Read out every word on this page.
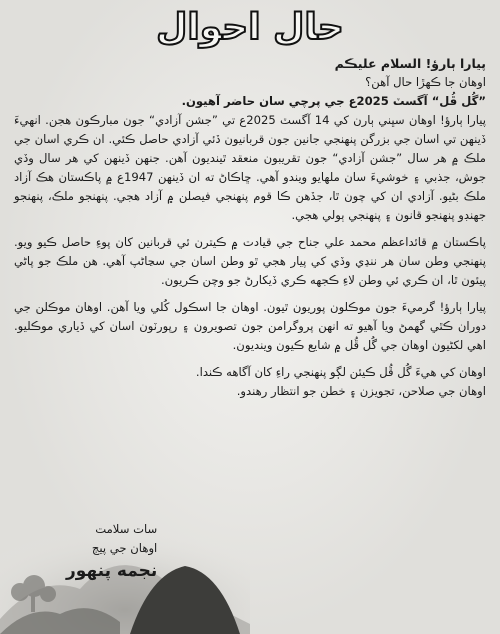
حال احوال

پيارا ٻارؤ! السلام عليڪم

اوهان جا ڪهڙا حال آهن؟

”گُل ڦُل“ آگسٽ 2025ع جي پرچي سان حاضر آهيون.

پيارا ٻارؤ! اوهان سڀني ٻارن کي 14 آگسٽ 2025ع تي ”جشن آزادي“ جون مبارڪون هجن. انهيءَ ڏينهن تي اسان جي بزرگن پنهنجي جانين جون قربانيون ڏئي آزادي حاصل ڪئي. ان ڪري اسان جي ملڪ ۾ هر سال ”جشن آزادي“ جون تقريبون منعقد ٿينديون آهن. جنهن ڏينهن کي هر سال وڏي جوش، جذبي ۽ خوشيءَ سان ملهايو ويندو آهي. ڇاڪاڻ ته ان ڏينهن 1947ع ۾ پاڪستان هڪ آزاد ملڪ بڻيو. آزادي ان کي چون ٿا، جڏهن ڪا قوم پنهنجي فيصلن ۾ آزاد هجي. پنهنجو ملڪ، پنهنجو جهنڊو پنهنجو قانون ۽ پنهنجي ٻولي هجي.

پاڪستان ۾ قائداعظم محمد علي جناح جي قيادت ۾ ڪيترن ئي قربانين کان پوءِ حاصل ڪيو ويو. پنهنجي وطن سان هر ننڍي وڏي کي پيار هجي ٿو وطن اسان جي سڃاڻپ آهي. هن ملڪ جو پاڻي پيئون ٿا، ان ڪري ئي وطن لاءِ ڪجهه ڪري ڏيکارڻ جو وچن ڪريون.

پيارا ٻارؤ! گرميءَ جون موڪلون پوريون ٿيون. اوهان جا اسڪول کُلي ويا آهن. اوهان موڪلن جي دوران ڪٿي گهمڻ ويا آهيو ته انهن پروگرامن جون تصويرون ۽ رپورٽون اسان کي ڏياري موڪليو. اهي لکڻيون اوهان جي گُل ڦُل ۾ شايع ڪيون وينديون.

اوهان کي هيءَ گُل ڦُل ڪيئن لڳو پنهنجي راءِ کان آگاهه ڪندا.

اوهان جي صلاحن، تجويزن ۽ خطن جو انتظار رهندو.

سات سلامت
اوهان جي پيڄ
نجمه پنهور
